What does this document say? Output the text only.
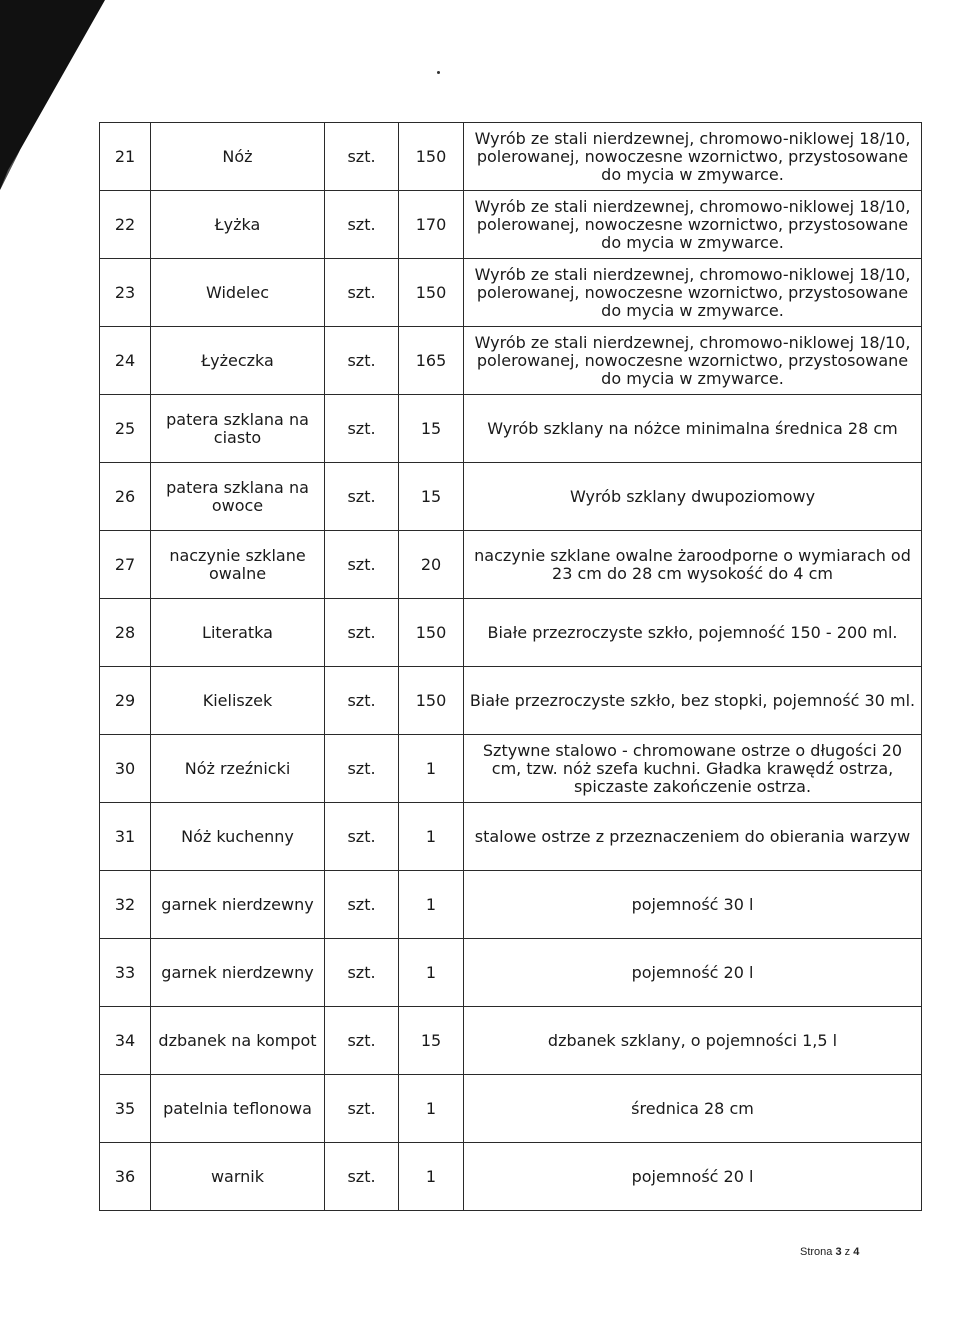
21	Nóż	szt.	150	Wyrób ze stali nierdzewnej, chromowo-niklowej 18/10, polerowanej, nowoczesne wzornictwo, przystosowane do mycia w zmywarce.
22	Łyżka	szt.	170	Wyrób ze stali nierdzewnej, chromowo-niklowej 18/10, polerowanej, nowoczesne wzornictwo, przystosowane do mycia w zmywarce.
23	Widelec	szt.	150	Wyrób ze stali nierdzewnej, chromowo-niklowej 18/10, polerowanej, nowoczesne wzornictwo, przystosowane do mycia w zmywarce.
24	Łyżeczka	szt.	165	Wyrób ze stali nierdzewnej, chromowo-niklowej 18/10, polerowanej, nowoczesne wzornictwo, przystosowane do mycia w zmywarce.
25	patera szklana na ciasto	szt.	15	Wyrób szklany na nóżce minimalna średnica 28 cm
26	patera szklana na owoce	szt.	15	Wyrób szklany dwupoziomowy
27	naczynie szklane owalne	szt.	20	naczynie szklane owalne żaroodporne o wymiarach od 23 cm do 28 cm wysokość do 4 cm
28	Literatka	szt.	150	Białe przezroczyste szkło, pojemność 150 - 200 ml.
29	Kieliszek	szt.	150	Białe przezroczyste szkło, bez stopki, pojemność 30 ml.
30	Nóż rzeźnicki	szt.	1	Sztywne stalowo - chromowane ostrze o długości 20 cm, tzw. nóż szefa kuchni. Gładka krawędź ostrza, spiczaste zakończenie ostrza.
31	Nóż kuchenny	szt.	1	stalowe ostrze z przeznaczeniem do obierania warzyw
32	garnek nierdzewny	szt.	1	pojemność 30 l
33	garnek nierdzewny	szt.	1	pojemność 20 l
34	dzbanek na kompot	szt.	15	dzbanek szklany, o pojemności 1,5 l
35	patelnia teflonowa	szt.	1	średnica 28 cm
36	warnik	szt.	1	pojemność 20 l
Strona 3 z 4
